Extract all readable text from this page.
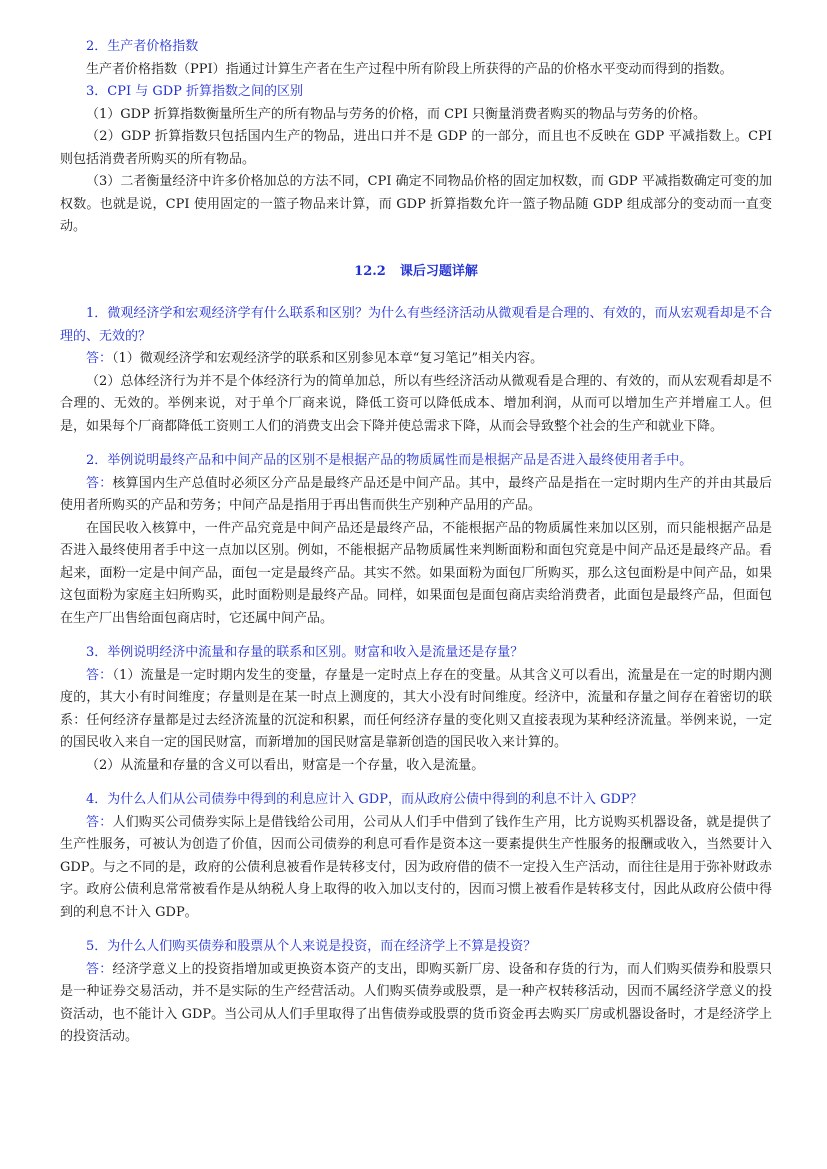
2．生产者价格指数

生产者价格指数（PPI）指通过计算生产者在生产过程中所有阶段上所获得的产品的价格水平变动而得到的指数。

3．CPI 与 GDP 折算指数之间的区别

（1）GDP 折算指数衡量所生产的所有物品与劳务的价格，而 CPI 只衡量消费者购买的物品与劳务的价格。

（2）GDP 折算指数只包括国内生产的物品，进出口并不是 GDP 的一部分，而且也不反映在 GDP 平减指数上。CPI 则包括消费者所购买的所有物品。

（3）二者衡量经济中许多价格加总的方法不同，CPI 确定不同物品价格的固定加权数，而 GDP 平减指数确定可变的加权数。也就是说，CPI 使用固定的一篮子物品来计算，而 GDP 折算指数允许一篮子物品随 GDP 组成部分的变动而一直变动。

12.2 课后习题详解

1．微观经济学和宏观经济学有什么联系和区别？为什么有些经济活动从微观看是合理的、有效的，而从宏观看却是不合理的、无效的？

答：（1）微观经济学和宏观经济学的联系和区别参见本章“复习笔记”相关内容。

（2）总体经济行为并不是个体经济行为的简单加总，所以有些经济活动从微观看是合理的、有效的，而从宏观看却是不合理的、无效的。举例来说，对于单个厂商来说，降低工资可以降低成本、增加利润，从而可以增加生产并增雇工人。但是，如果每个厂商都降低工资则工人们的消费支出会下降并使总需求下降，从而会导致整个社会的生产和就业下降。

2．举例说明最终产品和中间产品的区别不是根据产品的物质属性而是根据产品是否进入最终使用者手中。

答：核算国内生产总值时必须区分产品是最终产品还是中间产品。其中，最终产品是指在一定时期内生产的并由其最后使用者所购买的产品和劳务；中间产品是指用于再出售而供生产别种产品用的产品。

在国民收入核算中，一件产品究竟是中间产品还是最终产品，不能根据产品的物质属性来加以区别，而只能根据产品是否进入最终使用者手中这一点加以区别。例如，不能根据产品物质属性来判断面粉和面包究竟是中间产品还是最终产品。看起来，面粉一定是中间产品，面包一定是最终产品。其实不然。如果面粉为面包厂所购买，那么这包面粉是中间产品，如果这包面粉为家庭主妇所购买，此时面粉则是最终产品。同样，如果面包是面包商店卖给消费者，此面包是最终产品，但面包在生产厂出售给面包商店时，它还属中间产品。

3．举例说明经济中流量和存量的联系和区别。财富和收入是流量还是存量？

答：（1）流量是一定时期内发生的变量，存量是一定时点上存在的变量。从其含义可以看出，流量是在一定的时期内测度的，其大小有时间维度；存量则是在某一时点上测度的，其大小没有时间维度。经济中，流量和存量之间存在着密切的联系：任何经济存量都是过去经济流量的沉淀和积累，而任何经济存量的变化则又直接表现为某种经济流量。举例来说，一定的国民收入来自一定的国民财富，而新增加的国民财富是靠新创造的国民收入来计算的。

（2）从流量和存量的含义可以看出，财富是一个存量，收入是流量。

4．为什么人们从公司债券中得到的利息应计入 GDP，而从政府公债中得到的利息不计入 GDP？

答：人们购买公司债券实际上是借钱给公司用，公司从人们手中借到了钱作生产用，比方说购买机器设备，就是提供了生产性服务，可被认为创造了价值，因而公司债券的利息可看作是资本这一要素提供生产性服务的报酬或收入，当然要计入 GDP。与之不同的是，政府的公债利息被看作是转移支付，因为政府借的债不一定投入生产活动，而往往是用于弥补财政赤字。政府公债利息常常被看作是从纳税人身上取得的收入加以支付的，因而习惯上被看作是转移支付，因此从政府公债中得到的利息不计入 GDP。

5．为什么人们购买债券和股票从个人来说是投资，而在经济学上不算是投资？

答：经济学意义上的投资指增加或更换资本资产的支出，即购买新厂房、设备和存货的行为，而人们购买债券和股票只是一种证券交易活动，并不是实际的生产经营活动。人们购买债券或股票，是一种产权转移活动，因而不属经济学意义的投资活动，也不能计入 GDP。当公司从人们手里取得了出售债券或股票的货币资金再去购买厂房或机器设备时，才是经济学上的投资活动。
